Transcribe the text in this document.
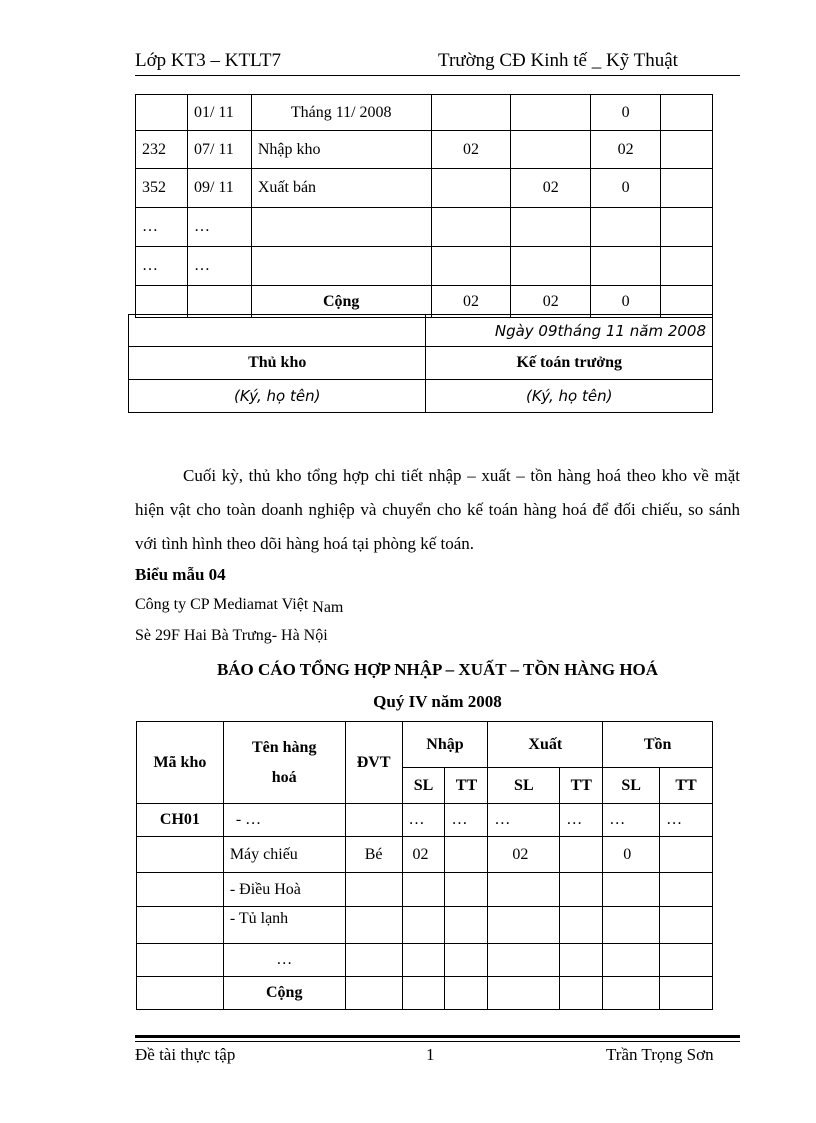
Lớp KT3 – KTLT7	Trường CĐ Kinh tế _ Kỹ Thuật
	01/ 11	Tháng 11/ 2008			0	
232	07/ 11	Nhập kho	02		02	
352	09/ 11	Xuất bán		02	0	
…	…					
…	…					
		Cộng	02	02	0	
	Ngày 09tháng 11 năm 2008
Thủ kho	Kế toán trưởng
(Ký, họ tên)	(Ký, họ tên)
Cuối kỳ, thủ kho tổng hợp chi tiết nhập – xuất – tồn hàng hoá theo kho về mặt hiện vật cho toàn doanh nghiệp và chuyển cho kế toán hàng hoá để đối chiếu, so sánh với tình hình theo dõi hàng hoá tại phòng kế toán.
Biểu mẫu 04
Công ty CP Mediamat Việt Nam
Sè 29F Hai Bà Trưng- Hà Nội
BÁO CÁO TỔNG HỢP NHẬP – XUẤT – TỒN HÀNG HOÁ
Quý IV năm 2008
Mã kho	Tên hàng hoá	ĐVT	Nhập		Xuất		Tồn	
			SL	TT	SL	TT	SL	TT
CH01	- …		…	…	…	…	…	…
	Máy chiếu	Bé	02		02		0	
	- Điều Hoà							
	- Tủ lạnh							
	…							
	Cộng							
Đề tài thực tập	1	Trần Trọng Sơn
